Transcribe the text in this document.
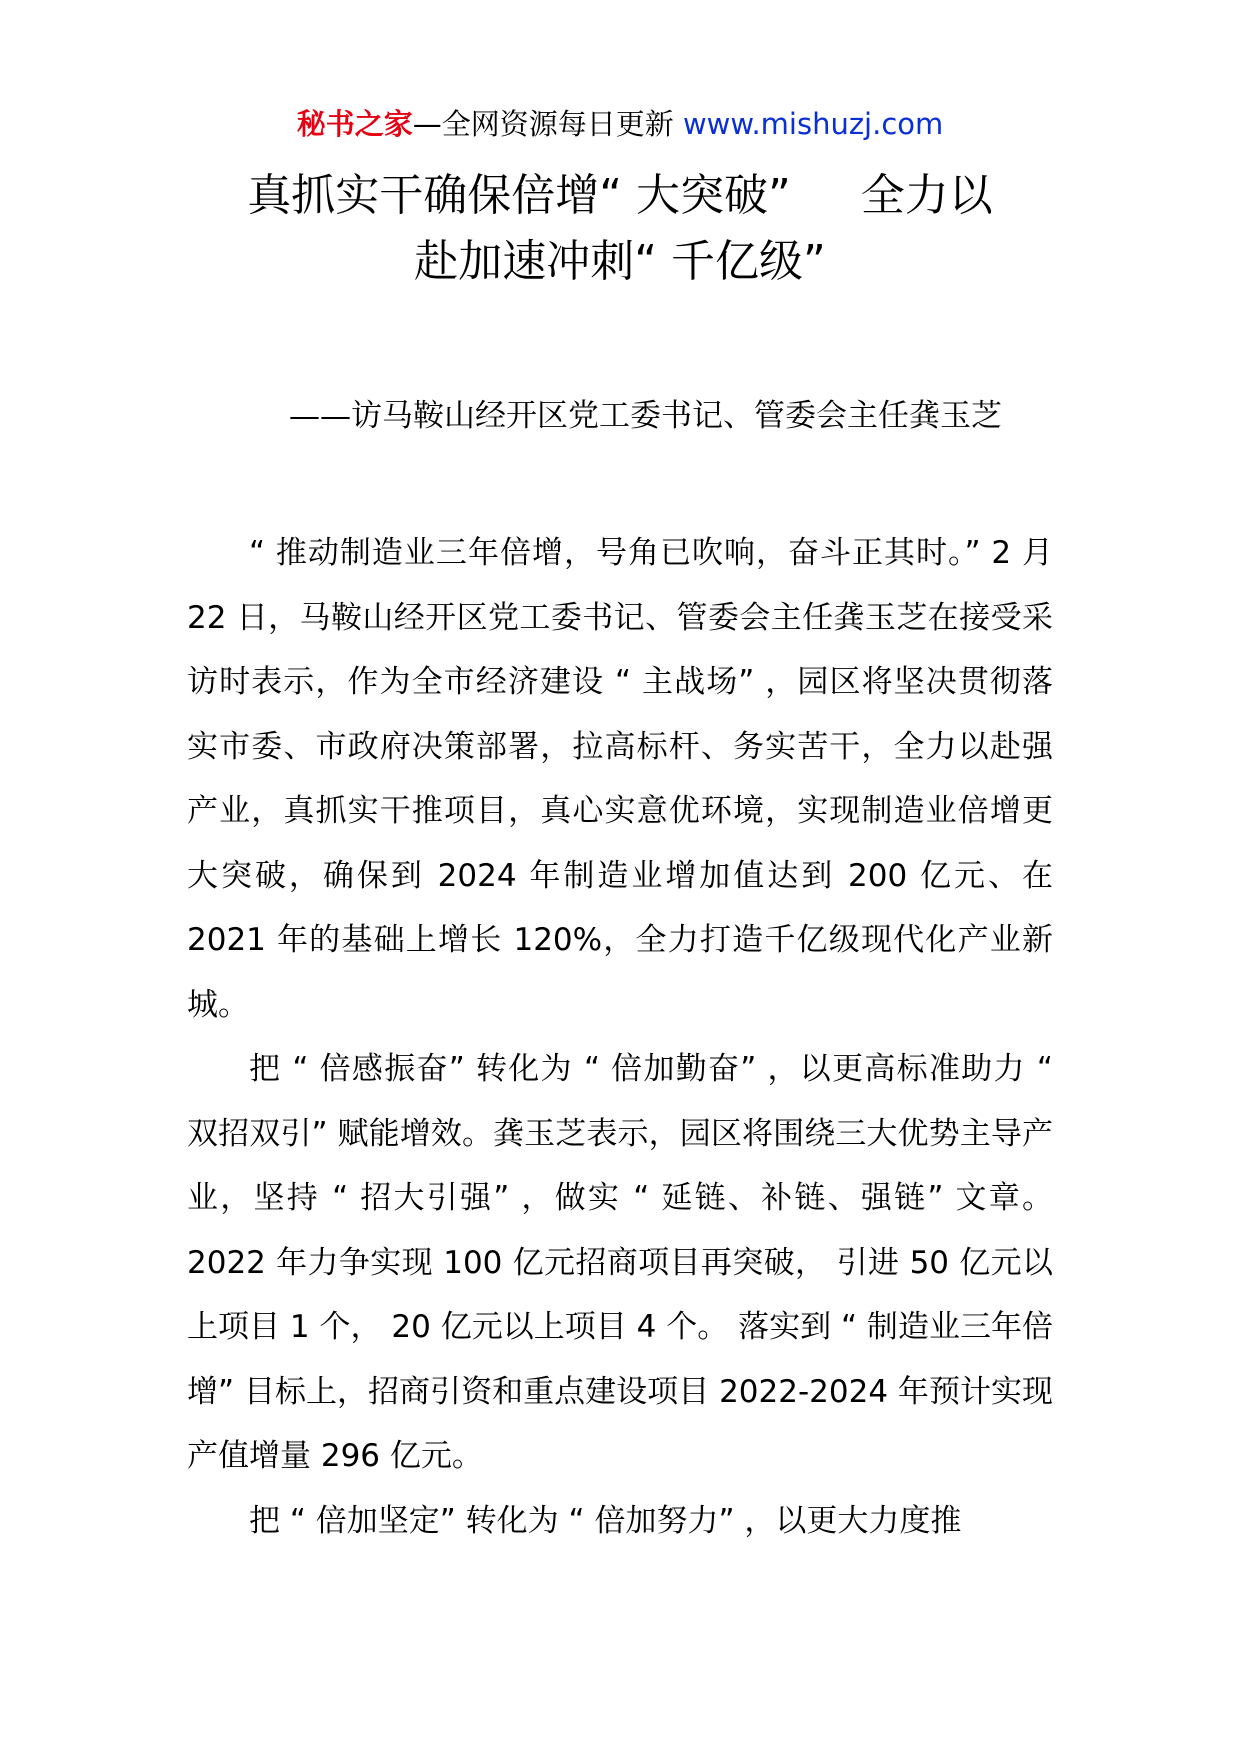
秘书之家—全网资源每日更新 www.mishuzj.com
真抓实干确保倍增“ 大突破”     全力以
赴加速冲刺“ 千亿级”
——访马鞍山经开区党工委书记、管委会主任龚玉芝

“ 推动制造业三年倍增，号角已吹响，奋斗正其时。” 2 月 22 日，马鞍山经开区党工委书记、管委会主任龚玉芝在接受采访时表示，作为全市经济建设 “ 主战场” ，园区将坚决贯彻落实市委、市政府决策部署，拉高标杆、务实苦干，全力以赴强产业，真抓实干推项目，真心实意优环境，实现制造业倍增更大突破，确保到 2024 年制造业增加值达到 200 亿元、在 2021 年的基础上增长 120%，全力打造千亿级现代化产业新城。

把 “ 倍感振奋” 转化为 “ 倍加勤奋” ，以更高标准助力 “ 双招双引” 赋能增效。龚玉芝表示，园区将围绕三大优势主导产业，坚持 “ 招大引强” ，做实 “ 延链、补链、强链” 文章。2022 年力争实现 100 亿元招商项目再突破， 引进 50 亿元以上项目 1 个， 20 亿元以上项目 4 个。 落实到 “ 制造业三年倍增” 目标上，招商引资和重点建设项目 2022-2024 年预计实现产值增量 296 亿元。

把 “ 倍加坚定” 转化为 “ 倍加努力” ，以更大力度推
